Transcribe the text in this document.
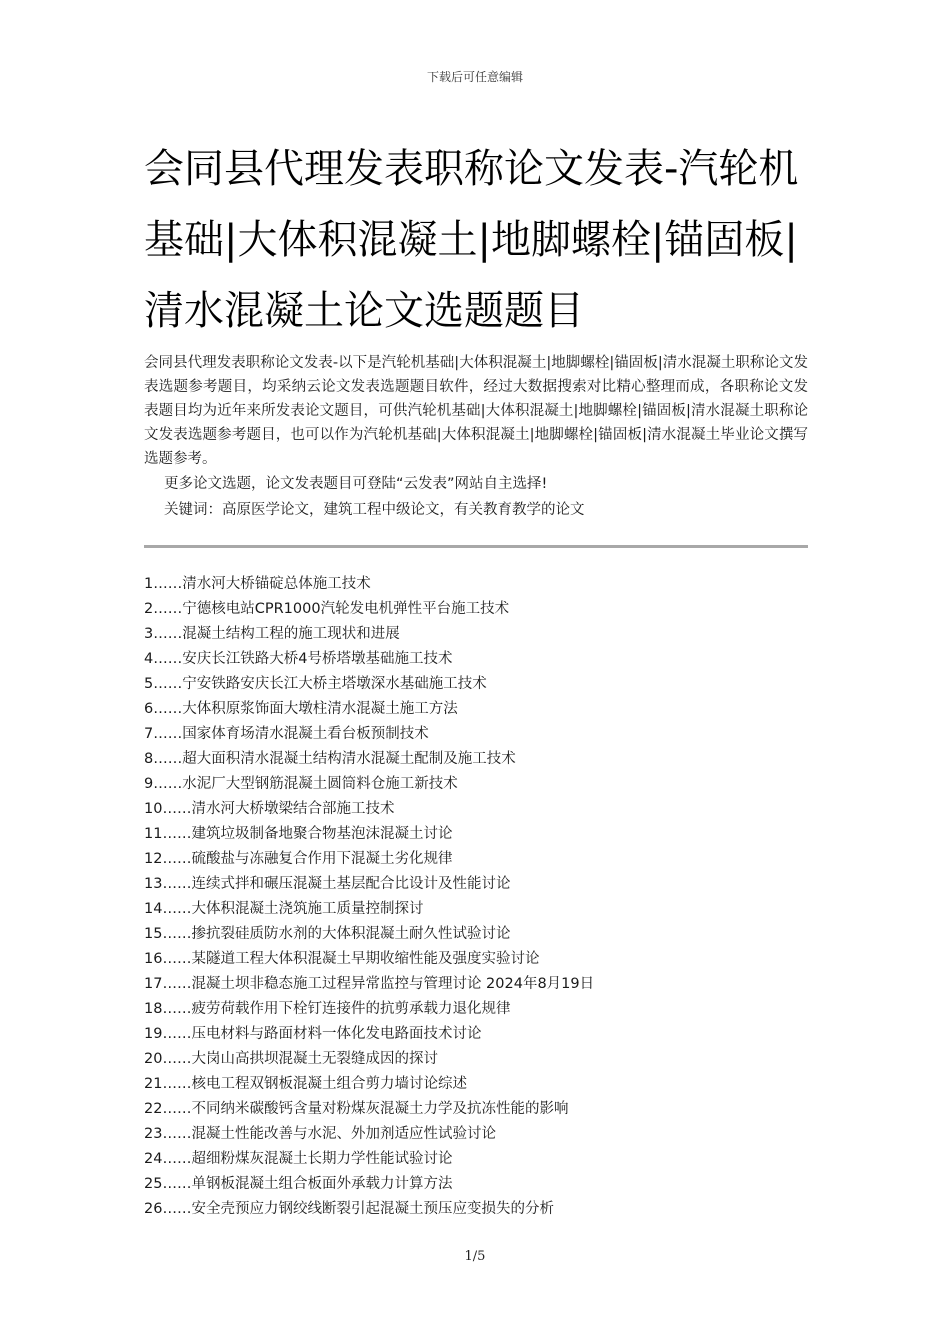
下载后可任意编辑
会同县代理发表职称论文发表-汽轮机基础|大体积混凝土|地脚螺栓|锚固板|清水混凝土论文选题题目

会同县代理发表职称论文发表-以下是汽轮机基础|大体积混凝土|地脚螺栓|锚固板|清水混凝土职称论文发表选题参考题目，均采纳云论文发表选题题目软件，经过大数据搜索对比精心整理而成，各职称论文发表题目均为近年来所发表论文题目，可供汽轮机基础|大体积混凝土|地脚螺栓|锚固板|清水混凝土职称论文发表选题参考题目，也可以作为汽轮机基础|大体积混凝土|地脚螺栓|锚固板|清水混凝土毕业论文撰写选题参考。

更多论文选题，论文发表题目可登陆“云发表”网站自主选择!

关键词：高原医学论文，建筑工程中级论文，有关教育教学的论文

1……清水河大桥锚碇总体施工技术
2……宁德核电站CPR1000汽轮发电机弹性平台施工技术
3……混凝土结构工程的施工现状和进展
4……安庆长江铁路大桥4号桥塔墩基础施工技术
5……宁安铁路安庆长江大桥主塔墩深水基础施工技术
6……大体积原浆饰面大墩柱清水混凝土施工方法
7……国家体育场清水混凝土看台板预制技术
8……超大面积清水混凝土结构清水混凝土配制及施工技术
9……水泥厂大型钢筋混凝土圆筒料仓施工新技术
10……清水河大桥墩梁结合部施工技术
11……建筑垃圾制备地聚合物基泡沫混凝土讨论
12……硫酸盐与冻融复合作用下混凝土劣化规律
13……连续式拌和碾压混凝土基层配合比设计及性能讨论
14……大体积混凝土浇筑施工质量控制探讨
15……掺抗裂硅质防水剂的大体积混凝土耐久性试验讨论
16……某隧道工程大体积混凝土早期收缩性能及强度实验讨论
17……混凝土坝非稳态施工过程异常监控与管理讨论 2024年8月19日
18……疲劳荷载作用下栓钉连接件的抗剪承载力退化规律
19……压电材料与路面材料一体化发电路面技术讨论
20……大岗山高拱坝混凝土无裂缝成因的探讨
21……核电工程双钢板混凝土组合剪力墙讨论综述
22……不同纳米碳酸钙含量对粉煤灰混凝土力学及抗冻性能的影响
23……混凝土性能改善与水泥、外加剂适应性试验讨论
24……超细粉煤灰混凝土长期力学性能试验讨论
25……单钢板混凝土组合板面外承载力计算方法
26……安全壳预应力钢绞线断裂引起混凝土预压应变损失的分析
1/5
